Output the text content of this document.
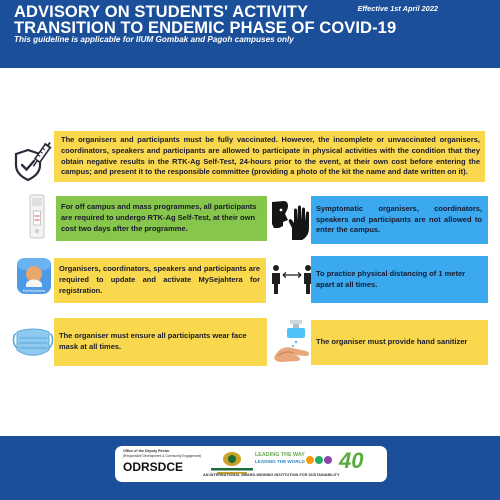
ADVISORY ON STUDENTS' ACTIVITY
TRANSITION TO ENDEMIC PHASE OF COVID-19
This guideline is applicable for IIUM Gombak and Pagoh campuses only
Effective 1st April 2022
The organisers and participants must be fully vaccinated. However, the incomplete or unvaccinated organisers, coordinators, speakers and participants are allowed to participate in physical activities with the condition that they obtain negative results in the RTK-Ag Self-Test, 24-hours prior to the event, at their own cost before entering the campus; and present it to the responsible committee (providing a photo of the kit the name and date written on it).
For off campus and mass programmes, all participants are required to undergo RTK-Ag Self-Test, at their own cost two days after the programme.
Symptomatic organisers, coordinators, speakers and participants are not allowed to enter the campus.
MySejahtera
Organisers, coordinators, speakers and participants are required to update and activate MySejahtera for registration.
To practice physical distancing of 1 meter apart at all times.
The organiser must ensure all participants wear face mask at all times.
The organiser must provide hand sanitizer
Office of the Deputy Rector
(Responsible Development & Community Engagement)
ODRSDCE
LEADING THE WAY
LEADING THE WORLD 40
AN INTERNATIONAL AWARD-WINNING INSTITUTION FOR SUSTAINABILITY
